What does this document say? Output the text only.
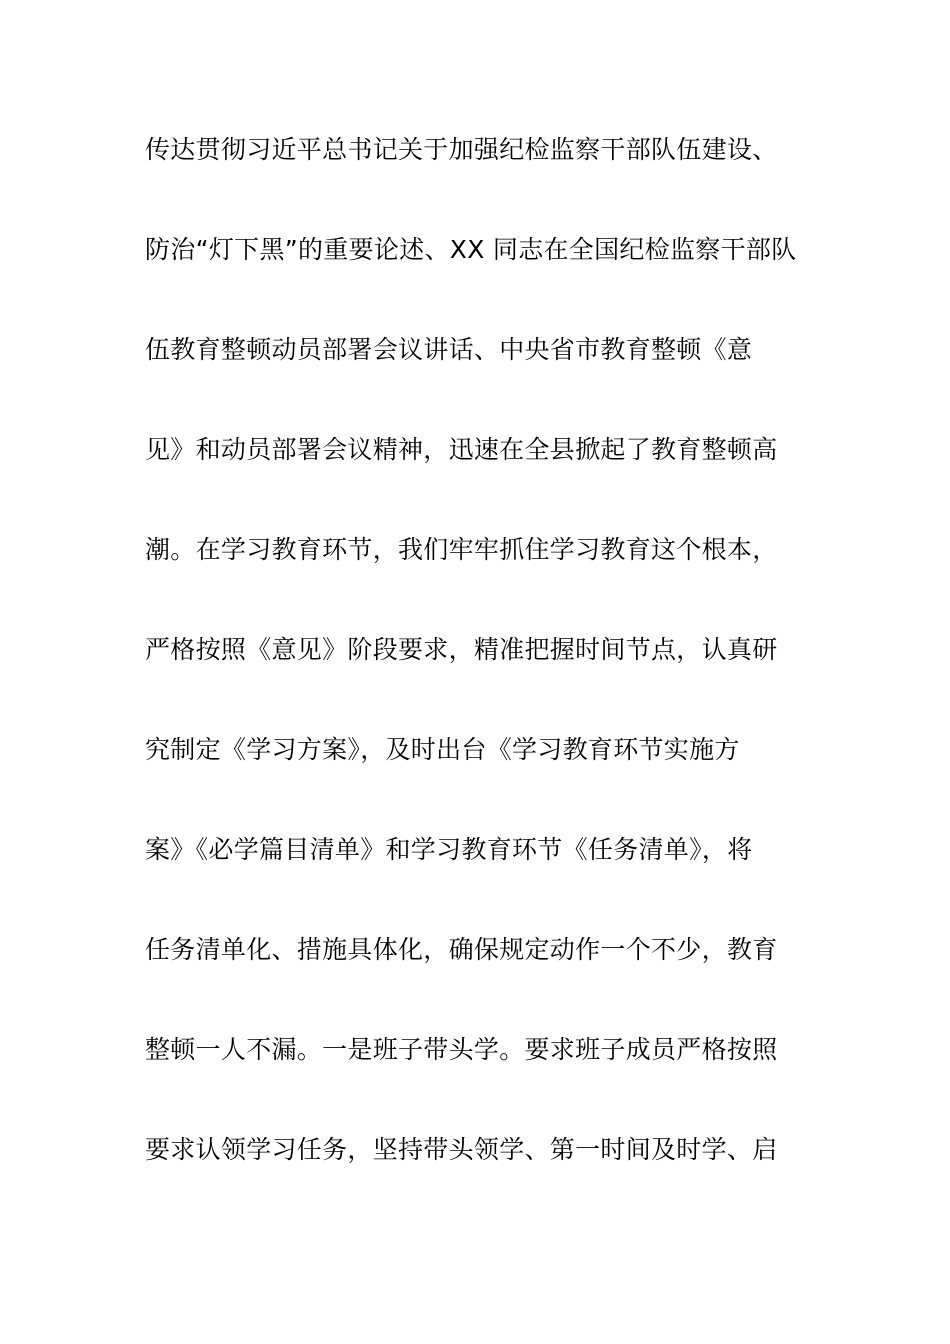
传达贯彻习近平总书记关于加强纪检监察干部队伍建设、
防治“灯下黑”的重要论述、XX 同志在全国纪检监察干部队
伍教育整顿动员部署会议讲话、中央省市教育整顿《意
见》和动员部署会议精神，迅速在全县掀起了教育整顿高
潮。在学习教育环节，我们牢牢抓住学习教育这个根本，
严格按照《意见》阶段要求，精准把握时间节点，认真研
究制定《学习方案》，及时出台《学习教育环节实施方
案》《必学篇目清单》和学习教育环节《任务清单》，将
任务清单化、措施具体化，确保规定动作一个不少，教育
整顿一人不漏。一是班子带头学。要求班子成员严格按照
要求认领学习任务，坚持带头领学、第一时间及时学、启
